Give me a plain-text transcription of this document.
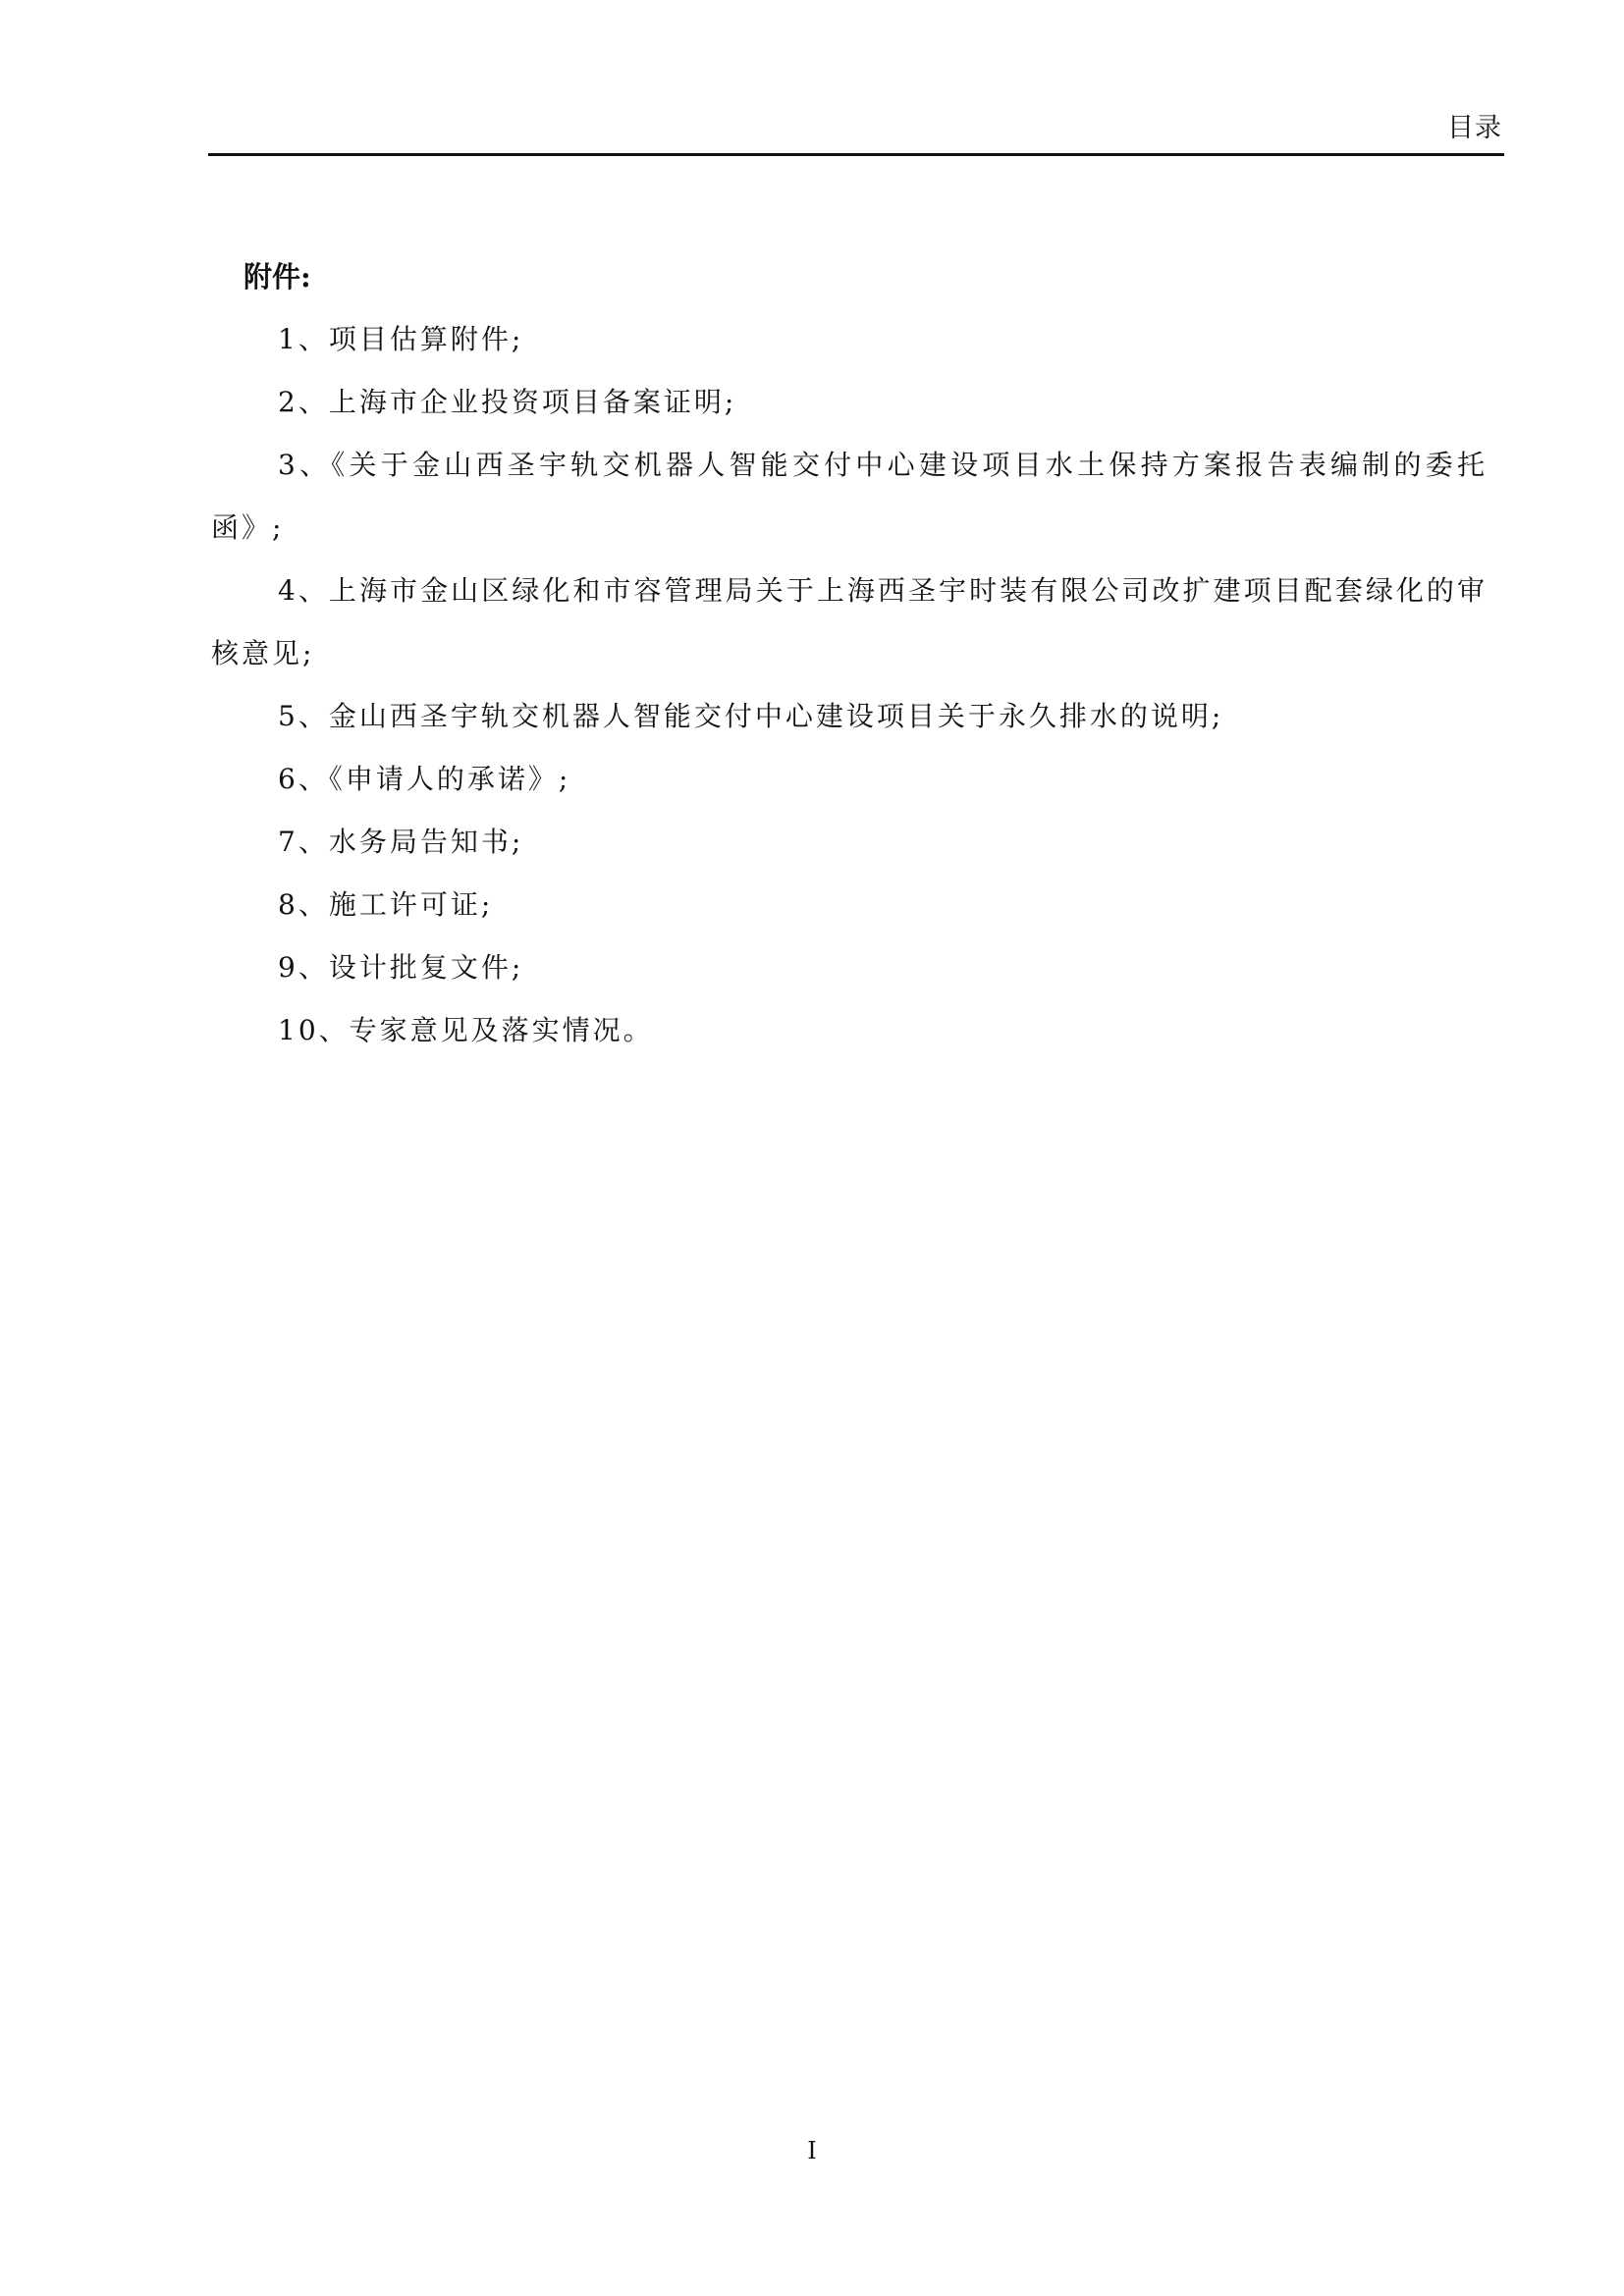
目录

附件:

1、项目估算附件;
2、上海市企业投资项目备案证明;
3、《关于金山西圣宇轨交机器人智能交付中心建设项目水土保持方案报告表编制的委托函》;
4、上海市金山区绿化和市容管理局关于上海西圣宇时装有限公司改扩建项目配套绿化的审核意见;
5、金山西圣宇轨交机器人智能交付中心建设项目关于永久排水的说明;
6、《申请人的承诺》;
7、水务局告知书;
8、施工许可证;
9、设计批复文件;
10、专家意见及落实情况。
I
